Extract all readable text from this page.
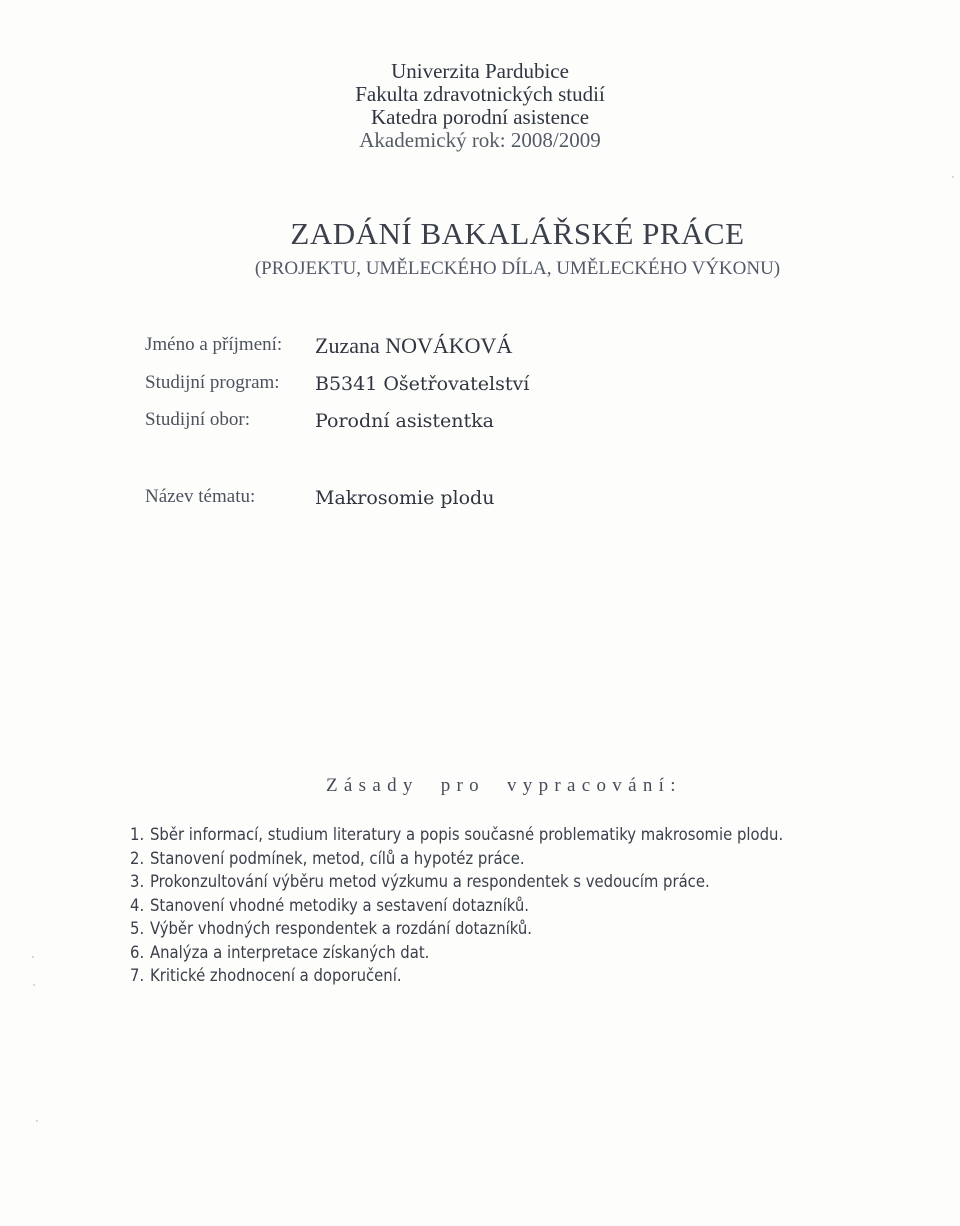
Univerzita Pardubice
Fakulta zdravotnických studií
Katedra porodní asistence
Akademický rok: 2008/2009
ZADÁNÍ BAKALÁŘSKÉ PRÁCE
(PROJEKTU, UMĚLECKÉHO DÍLA, UMĚLECKÉHO VÝKONU)
Jméno a příjmení: Zuzana NOVÁKOVÁ
Studijní program: B5341 Ošetřovatelství
Studijní obor:	Porodní asistentka
Název tématu:	Makrosomie plodu
Zásady pro vypracování:
1. Sběr informací, studium literatury a popis současné problematiky makrosomie plodu.
2. Stanovení podmínek, metod, cílů a hypotéz práce.
3. Prokonzultování výběru metod výzkumu a respondentek s vedoucím práce.
4. Stanovení vhodné metodiky a sestavení dotazníků.
5. Výběr vhodných respondentek a rozdání dotazníků.
6. Analýza a interpretace získaných dat.
7. Kritické zhodnocení a doporučení.
